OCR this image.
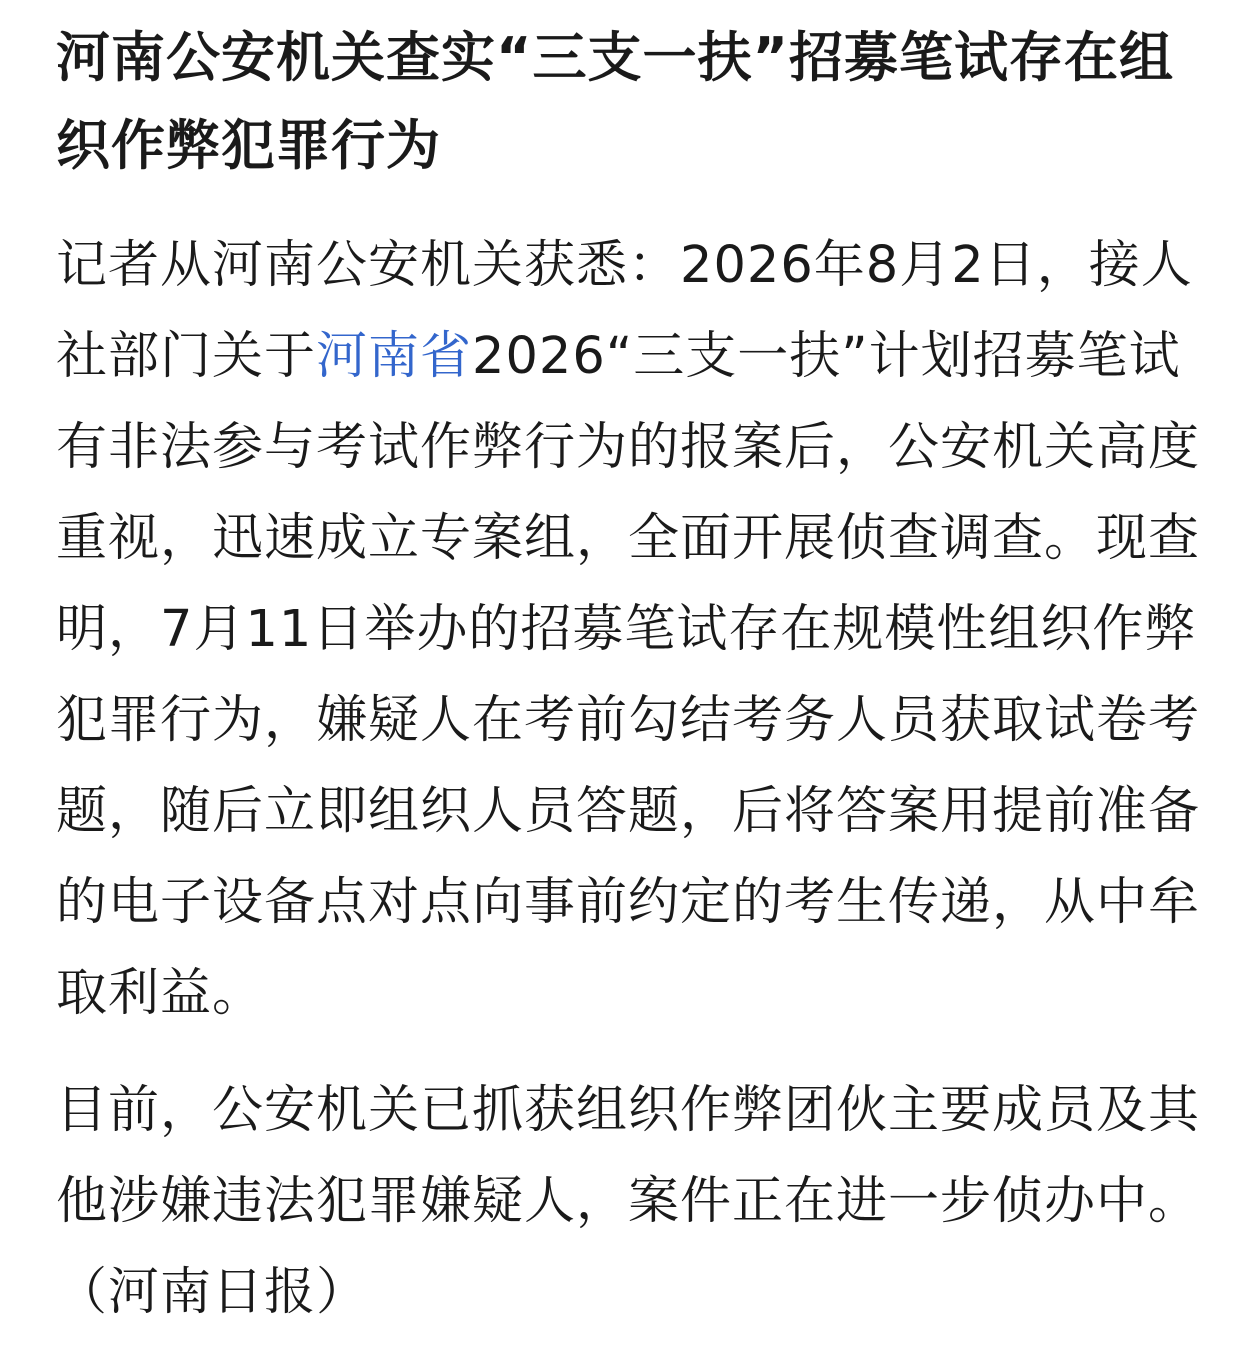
河南公安机关查实“三支一扶”招募笔试存在组织作弊犯罪行为

记者从河南公安机关获悉：2026年8月2日，接人社部门关于河南省2026“三支一扶”计划招募笔试有非法参与考试作弊行为的报案后，公安机关高度重视，迅速成立专案组，全面开展侦查调查。现查明，7月11日举办的招募笔试存在规模性组织作弊犯罪行为，嫌疑人在考前勾结考务人员获取试卷考题，随后立即组织人员答题，后将答案用提前准备的电子设备点对点向事前约定的考生传递，从中牟取利益。

目前，公安机关已抓获组织作弊团伙主要成员及其他涉嫌违法犯罪嫌疑人，案件正在进一步侦办中。（河南日报）
